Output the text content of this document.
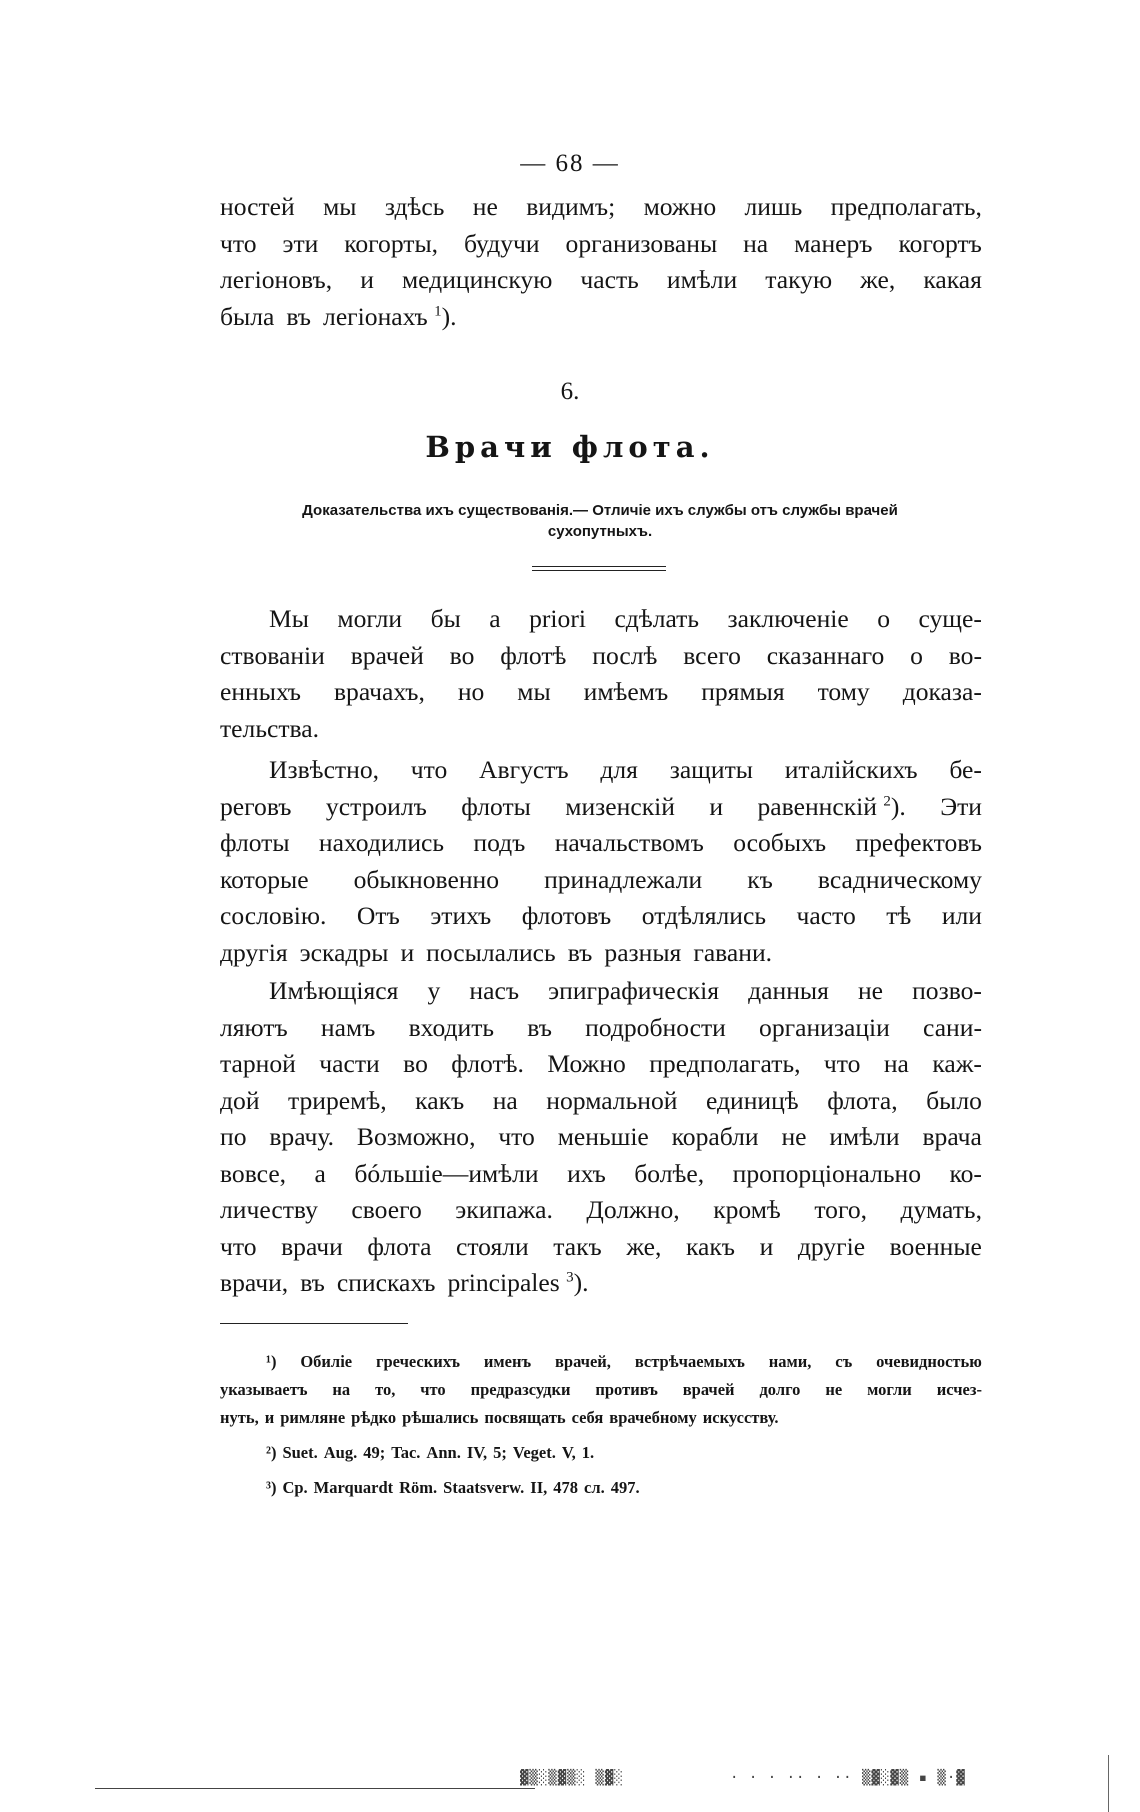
— 68 —
ностей мы здѣсь не видимъ; можно лишь предполагать,
что эти когорты, будучи организованы на манеръ когортъ
легіоновъ, и медицинскую часть имѣли такую же, какая
была въ легіонахъ $^1$).
6.
Врачи флота.
Доказательства ихъ существованія.— Отличіе ихъ службы отъ службы врачей
сухопутныхъ.
Мы могли бы a priori сдѣлать заключеніе о суще-
ствованіи врачей во флотѣ послѣ всего сказаннаго о во-
енныхъ врачахъ, но мы имѣемъ прямыя тому доказа-
тельства.
Извѣстно, что Августъ для защиты италійскихъ бе-
реговъ устроилъ флоты мизенскій и равеннскій $^2$). Эти
флоты находились подъ начальствомъ особыхъ префектовъ
которые обыкновенно принадлежали къ всадническому
сословію. Отъ этихъ флотовъ отдѣлялись часто тѣ или
другія эскадры и посылались въ разныя гавани.
Имѣющіяся у насъ эпиграфическія данныя не позво-
ляютъ намъ входить въ подробности организаціи сани-
тарной части во флотѣ. Можно предполагать, что на каж-
дой триремѣ, какъ на нормальной единицѣ флота, было
по врачу. Возможно, что меньшіе корабли не имѣли врача
вовсе, а бóльшіе—имѣли ихъ болѣе, пропорціонально ко-
личеству своего экипажа. Должно, кромѣ того, думать,
что врачи флота стояли такъ же, какъ и другіе военные
врачи, въ спискахъ principales $^3$).
¹) Обиліе греческихъ именъ врачей, встрѣчаемыхъ нами, съ очевидностью
указываетъ на то, что предразсудки противъ врачей долго не могли исчез-
нуть, и римляне рѣдко рѣшались посвящать себя врачебному искусству.
²) Suet. Aug. 49; Tac. Ann. IV, 5; Veget. V, 1.
³) Cp. Marquardt Röm. Staatsverw. II, 478 сл. 497.
▓▒░▒▓▒░ ▒▓░	· · · ·· · ·· ▒▓░▓▒ ▪ ▒·▓
